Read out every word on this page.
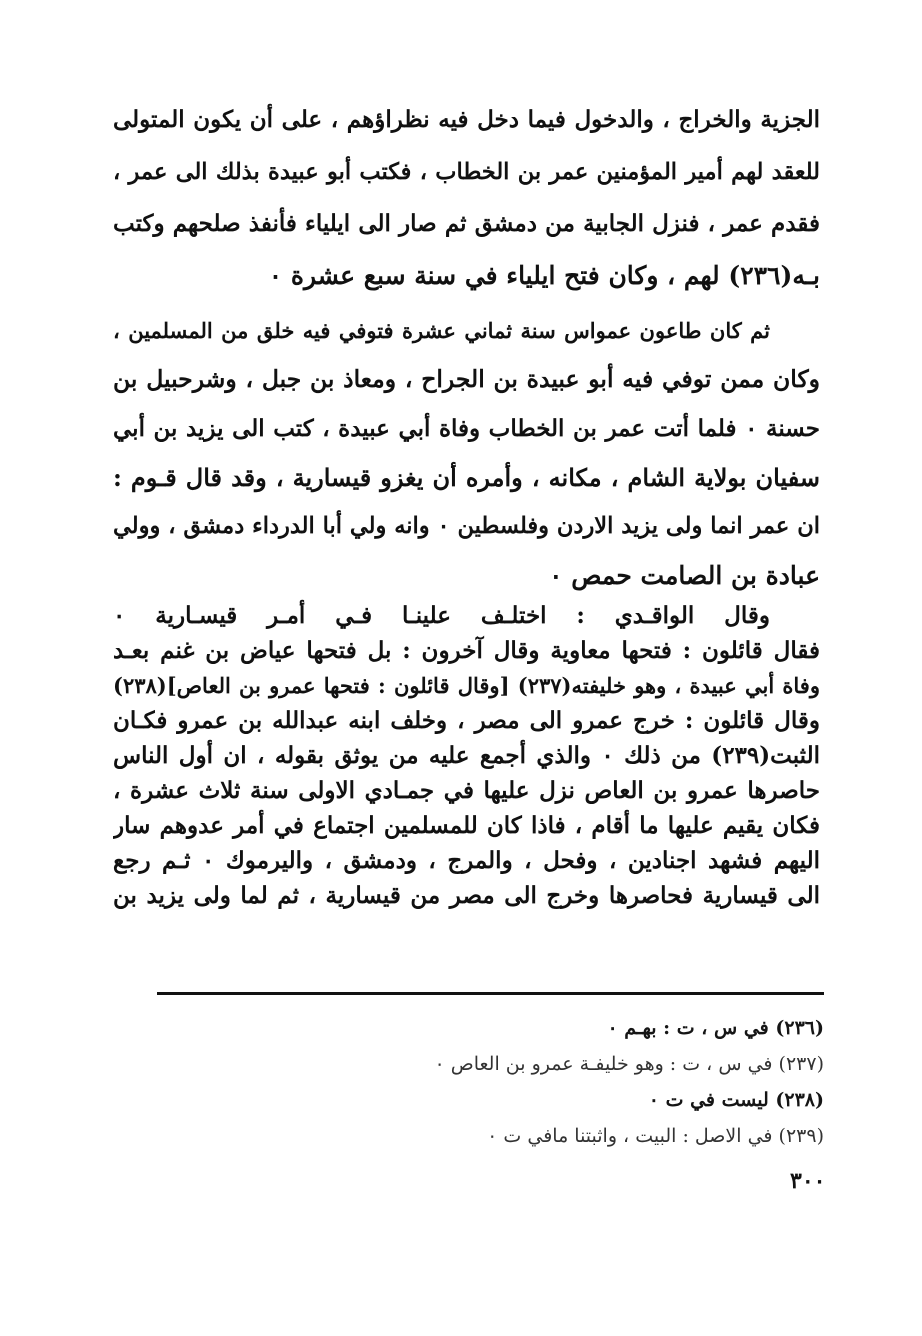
الجزية والخراج ، والدخول فيما دخل فيه نظراؤهم ، على أن يكون المتولى
للعقد لهم أمير المؤمنين عمر بن الخطاب ، فكتب أبو عبيدة بذلك الى عمر ،
فقدم عمر ، فنزل الجابية من دمشق ثم صار الى ايلياء فأنفذ صلحهم وكتب
بـه(٢٣٦) لهم ، وكان فتح ايلياء في سنة سبع عشرة ٠
ثم كان طاعون عمواس سنة ثماني عشرة فتوفي فيه خلق من المسلمين ،
وكان ممن توفي فيه أبو عبيدة بن الجراح ، ومعاذ بن جبل ، وشرحبيل بن
حسنة ٠ فلما أتت عمر بن الخطاب وفاة أبي عبيدة ، كتب الى يزيد بن أبي
سفيان بولاية الشام ، مكانه ، وأمره أن يغزو قيسارية ، وقد قال قـوم :
ان عمر انما ولى يزيد الاردن وفلسطين ٠ وانه ولي أبا الدرداء دمشق ، وولي
عبادة بن الصامت حمص ٠
وقال الواقـدي : اختلـف علينـا فـي أمـر قيسـارية ٠
فقال قائلون : فتحها معاوية وقال آخرون : بل فتحها عياض بن غنم بعـد
وفاة أبي عبيدة ، وهو خليفته(٢٣٧) [وقال قائلون : فتحها عمرو بن العاص](٢٣٨)
وقال قائلون : خرج عمرو الى مصر ، وخلف ابنه عبدالله بن عمرو فكـان
الثبت(٢٣٩) من ذلك ٠ والذي أجمع عليه من يوثق بقوله ، ان أول الناس
حاصرها عمرو بن العاص نزل عليها في جمـادي الاولى سنة ثلاث عشرة ،
فكان يقيم عليها ما أقام ، فاذا كان للمسلمين اجتماع في أمر عدوهم سار
اليهم فشهد اجنادين ، وفحل ، والمرج ، ودمشق ، واليرموك ٠ ثـم رجع
الى قيسارية فحاصرها وخرج الى مصر من قيسارية ، ثم لما ولى يزيد بن
(٢٣٦) في س ، ت : بهـم ٠
(٢٣٧) في س ، ت : وهو خليفـة عمرو بن العاص ٠
(٢٣٨) ليست في ت ٠
(٢٣٩) في الاصل : البيت ، واثبتنا مافي ت ٠
٣٠٠
